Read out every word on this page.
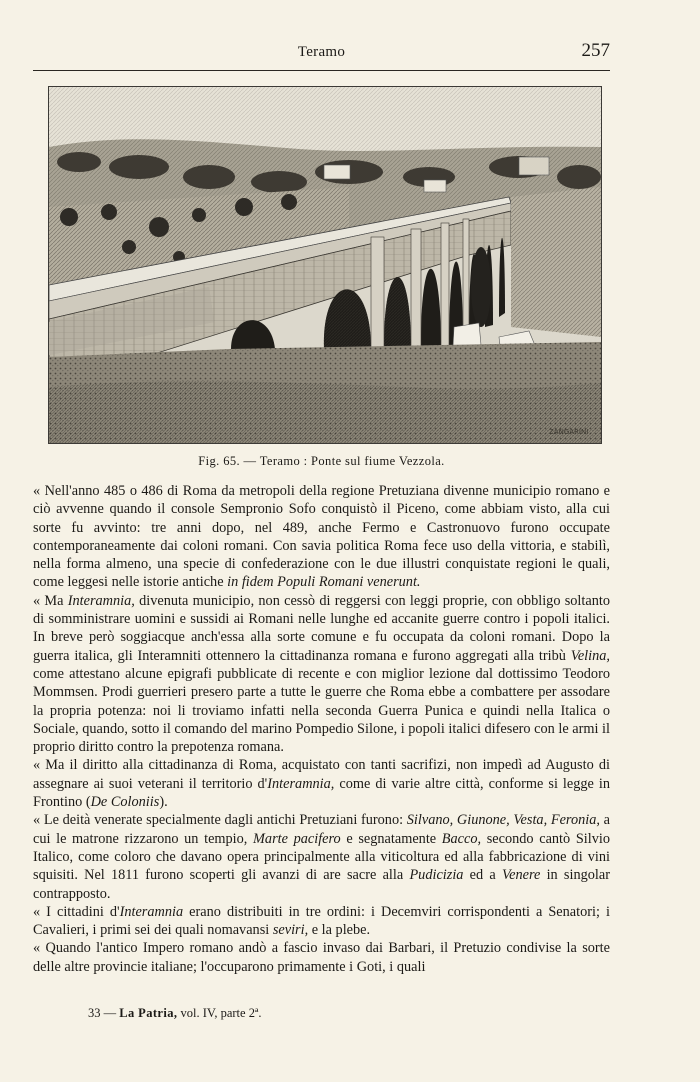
Teramo	257
ZANGARINI
Fig. 65. — Teramo : Ponte sul fiume Vezzola.

« Nell'anno 485 o 486 di Roma da metropoli della regione Pretuziana divenne municipio romano e ciò avvenne quando il console Sempronio Sofo conquistò il Piceno, come abbiam visto, alla cui sorte fu avvinto: tre anni dopo, nel 489, anche Fermo e Castronuovo furono occupate contemporaneamente dai coloni romani. Con savia politica Roma fece uso della vittoria, e stabilì, nella forma almeno, una specie di confederazione con le due illustri conquistate regioni le quali, come leggesi nelle istorie antiche in fidem Populi Romani venerunt.

« Ma Interamnia, divenuta municipio, non cessò di reggersi con leggi proprie, con obbligo soltanto di somministrare uomini e sussidi ai Romani nelle lunghe ed accanite guerre contro i popoli italici. In breve però soggiacque anch'essa alla sorte comune e fu occupata da coloni romani. Dopo la guerra italica, gli Interamniti ottennero la cittadinanza romana e furono aggregati alla tribù Velina, come attestano alcune epigrafi pubblicate di recente e con miglior lezione dal dottissimo Teodoro Mommsen. Prodi guerrieri presero parte a tutte le guerre che Roma ebbe a combattere per assodare la propria potenza: noi li troviamo infatti nella seconda Guerra Punica e quindi nella Italica o Sociale, quando, sotto il comando del marino Pompedio Silone, i popoli italici difesero con le armi il proprio diritto contro la prepotenza romana.

« Ma il diritto alla cittadinanza di Roma, acquistato con tanti sacrifizi, non impedì ad Augusto di assegnare ai suoi veterani il territorio d'Interamnia, come di varie altre città, conforme si legge in Frontino (De Coloniis).

« Le deità venerate specialmente dagli antichi Pretuziani furono: Silvano, Giunone, Vesta, Feronia, a cui le matrone rizzarono un tempio, Marte pacifero e segnatamente Bacco, secondo cantò Silvio Italico, come coloro che davano opera principalmente alla viticoltura ed alla fabbricazione di vini squisiti. Nel 1811 furono scoperti gli avanzi di are sacre alla Pudicizia ed a Venere in singolar contrapposto.

« I cittadini d'Interamnia erano distribuiti in tre ordini: i Decemviri corrispondenti a Senatori; i Cavalieri, i primi sei dei quali nomavansi seviri, e la plebe.

« Quando l'antico Impero romano andò a fascio invaso dai Barbari, il Pretuzio condivise la sorte delle altre provincie italiane; l'occuparono primamente i Goti, i quali

33 — La Patria, vol. IV, parte 2ª.
